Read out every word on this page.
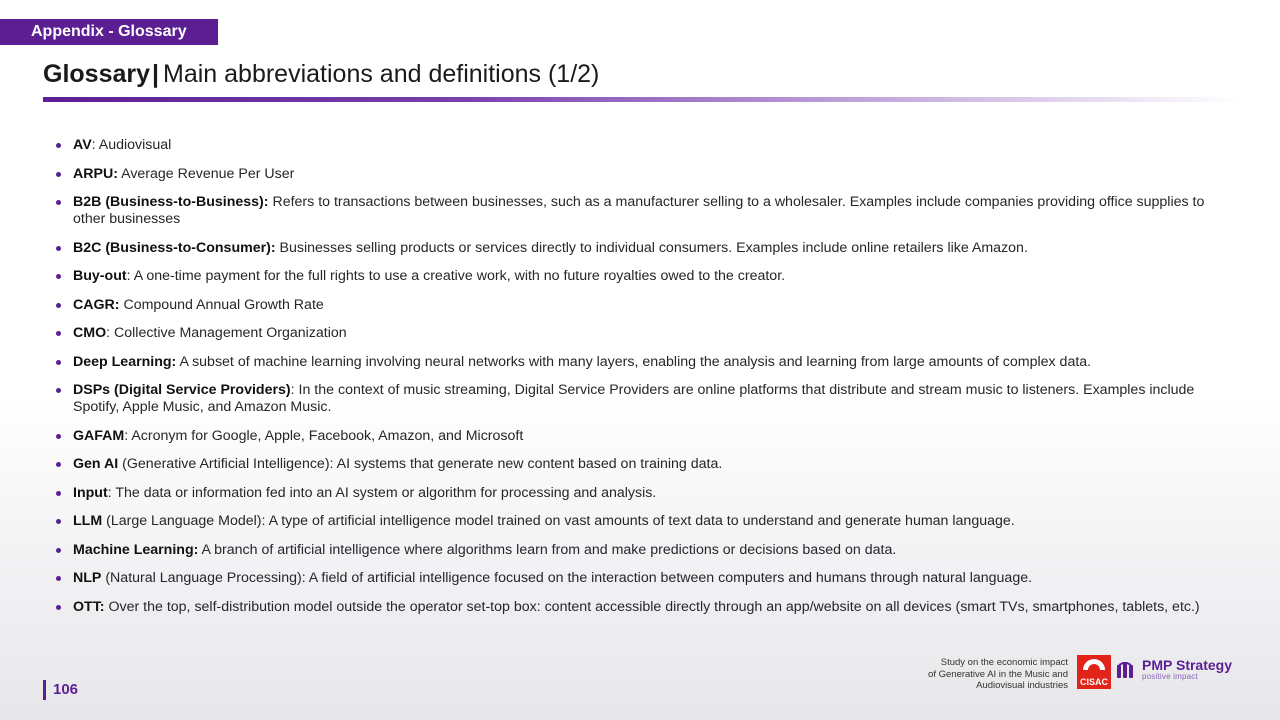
Appendix - Glossary
Glossary| Main abbreviations and definitions (1/2)
AV: Audiovisual
ARPU: Average Revenue Per User
B2B (Business-to-Business): Refers to transactions between businesses, such as a manufacturer selling to a wholesaler. Examples include companies providing office supplies to other businesses
B2C (Business-to-Consumer): Businesses selling products or services directly to individual consumers. Examples include online retailers like Amazon.
Buy-out: A one-time payment for the full rights to use a creative work, with no future royalties owed to the creator.
CAGR: Compound Annual Growth Rate
CMO: Collective Management Organization
Deep Learning: A subset of machine learning involving neural networks with many layers, enabling the analysis and learning from large amounts of complex data.
DSPs (Digital Service Providers): In the context of music streaming, Digital Service Providers are online platforms that distribute and stream music to listeners. Examples include Spotify, Apple Music, and Amazon Music.
GAFAM: Acronym for Google, Apple, Facebook, Amazon, and Microsoft
Gen AI (Generative Artificial Intelligence): AI systems that generate new content based on training data.
Input: The data or information fed into an AI system or algorithm for processing and analysis.
LLM (Large Language Model): A type of artificial intelligence model trained on vast amounts of text data to understand and generate human language.
Machine Learning: A branch of artificial intelligence where algorithms learn from and make predictions or decisions based on data.
NLP (Natural Language Processing): A field of artificial intelligence focused on the interaction between computers and humans through natural language.
OTT: Over the top, self-distribution model outside the operator set-top box: content accessible directly through an app/website on all devices (smart TVs, smartphones, tablets, etc.)
106
Study on the economic impact
of Generative AI in the Music and
Audiovisual industries CISAC
PMP Strategy
positive impact
